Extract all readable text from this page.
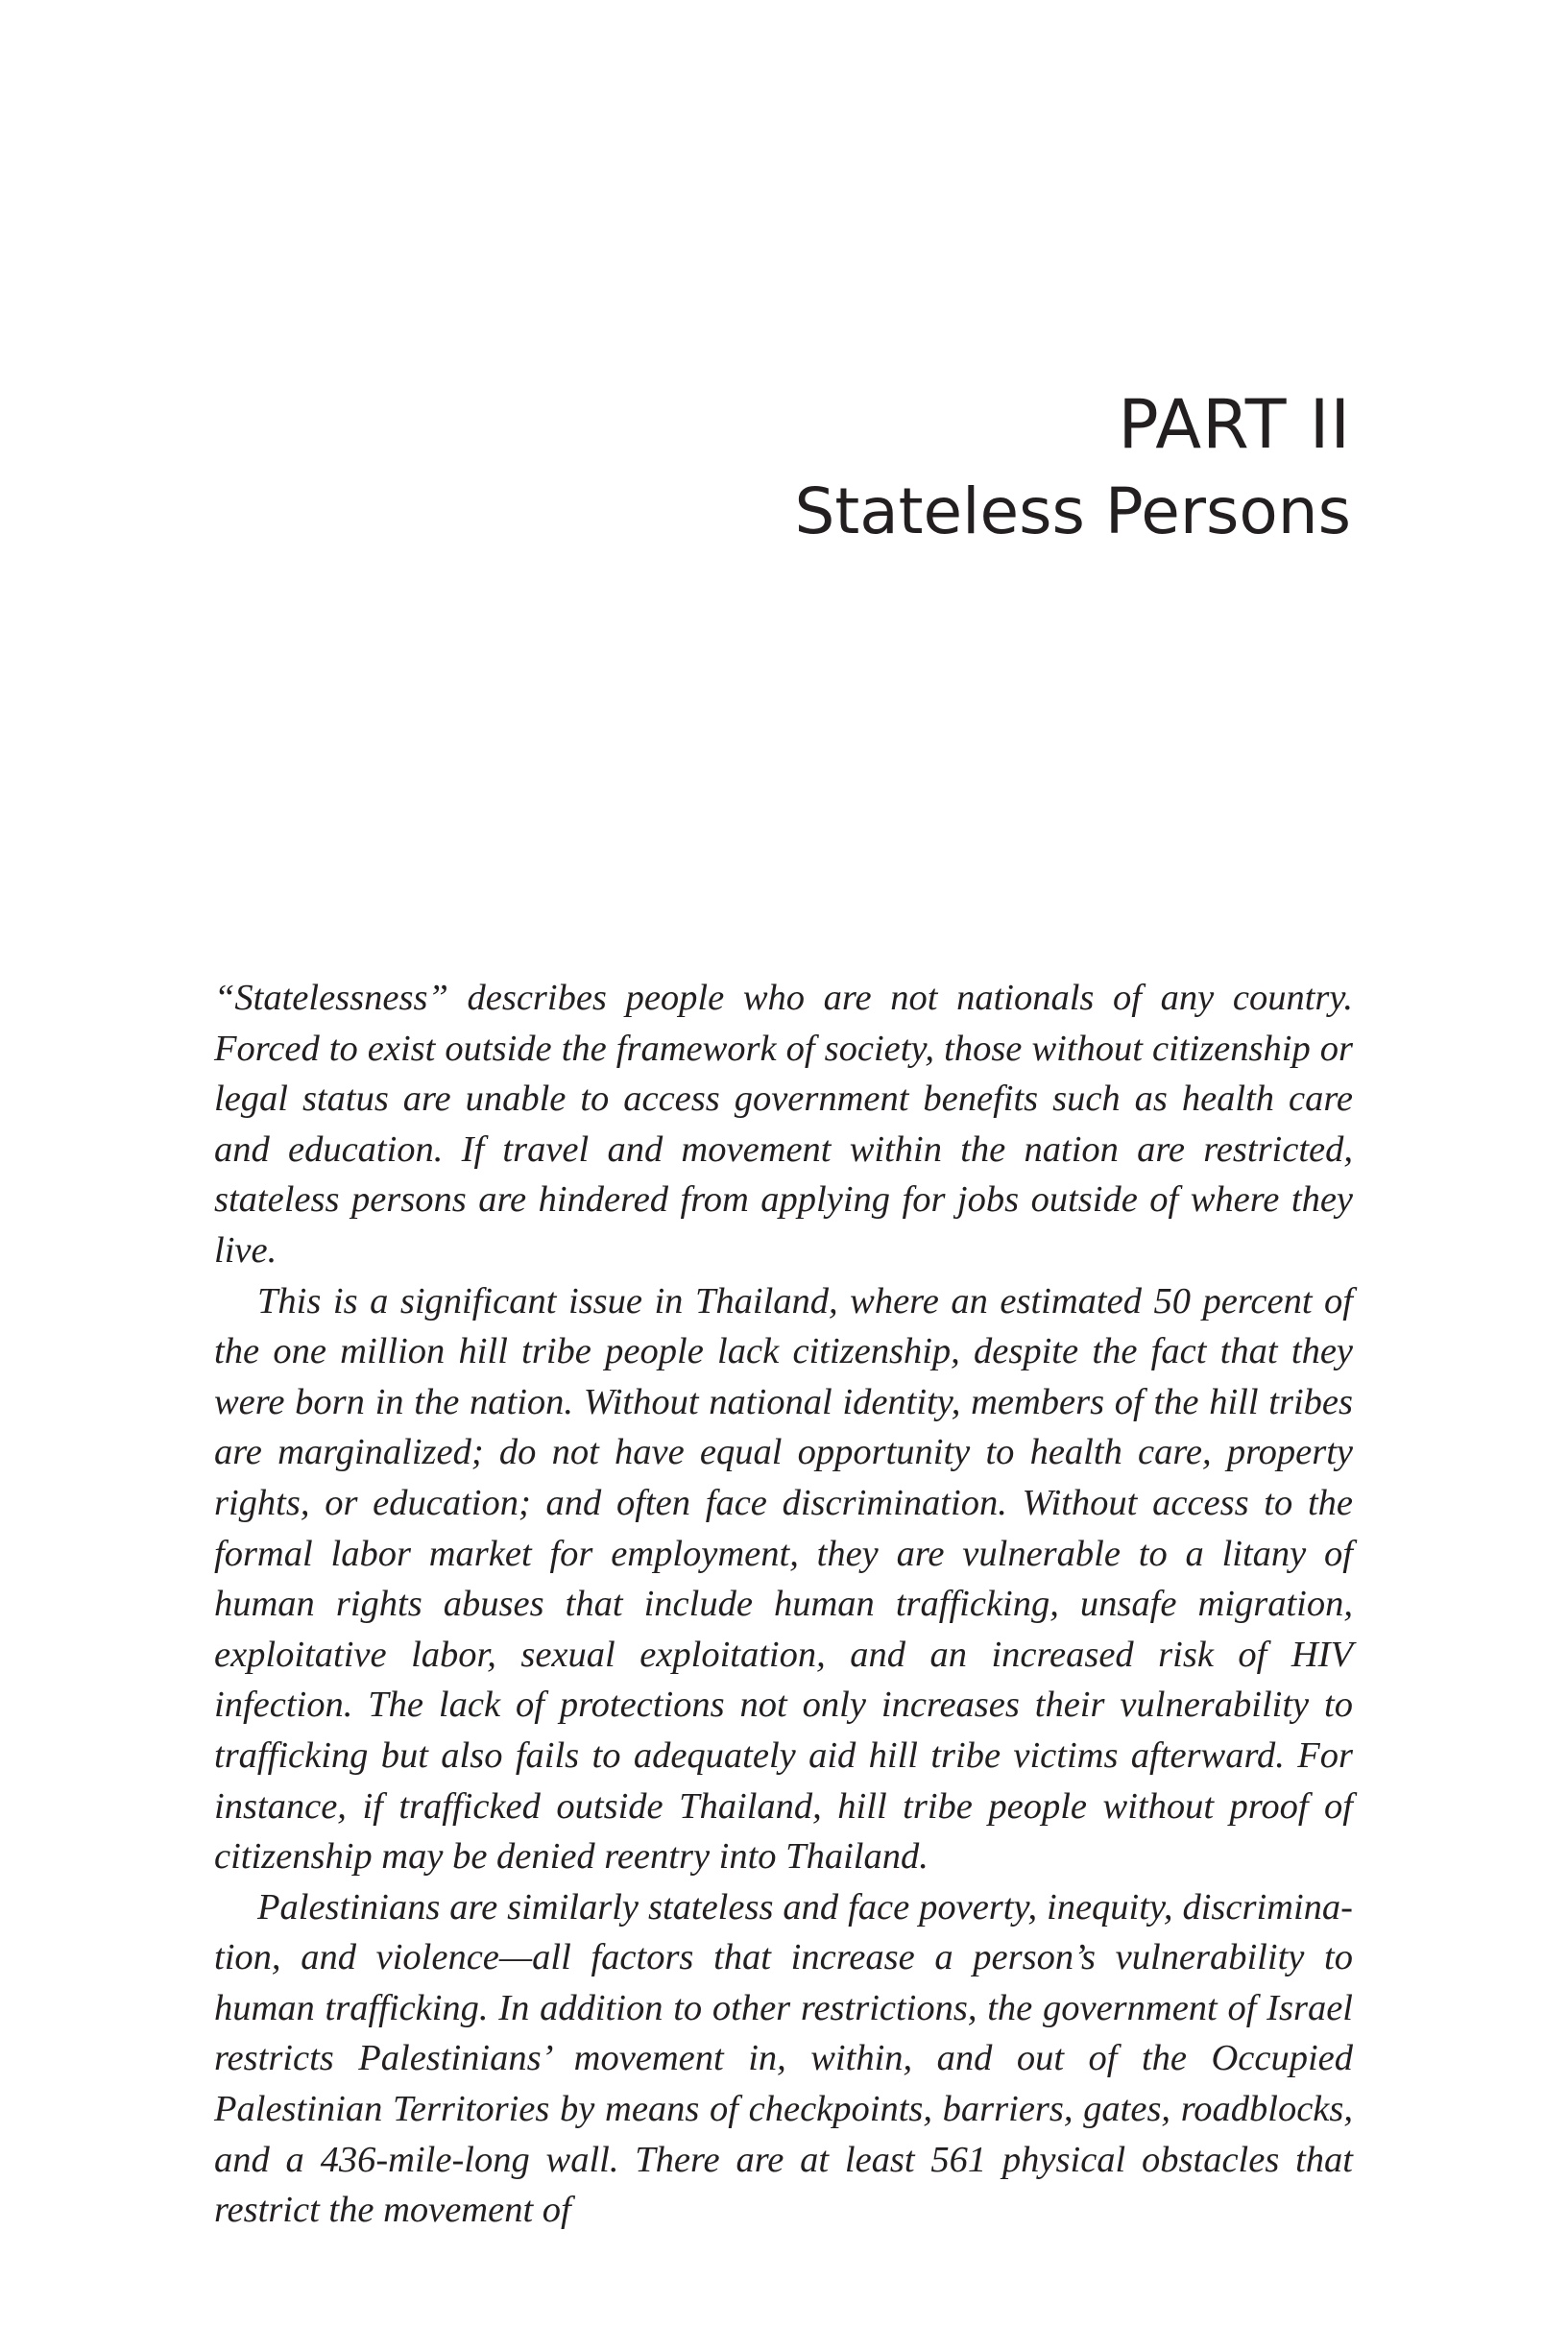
PART II
Stateless Persons

“Statelessness” describes people who are not nationals of any country. Forced to exist outside the framework of society, those without citizenship or legal status are unable to access government benefits such as health care and education. If travel and movement within the nation are restricted, stateless persons are hindered from applying for jobs outside of where they live.

This is a significant issue in Thailand, where an estimated 50 percent of the one million hill tribe people lack citizenship, despite the fact that they were born in the nation. Without national identity, members of the hill tribes are marginalized; do not have equal opportunity to health care, property rights, or education; and often face discrimination. Without access to the formal labor market for employment, they are vulnerable to a litany of human rights abuses that include human trafficking, unsafe migration, exploitative labor, sexual exploitation, and an increased risk of HIV infection. The lack of protections not only increases their vulnerability to trafficking but also fails to adequately aid hill tribe victims afterward. For instance, if trafficked outside Thailand, hill tribe people without proof of citizenship may be denied reentry into Thailand.

Palestinians are similarly stateless and face poverty, inequity, discrimination, and violence—all factors that increase a person’s vulnerability to human trafficking. In addition to other restrictions, the government of Israel restricts Palestinians’ movement in, within, and out of the Occupied Palestinian Territories by means of checkpoints, barriers, gates, roadblocks, and a 436-mile-long wall. There are at least 561 physical obstacles that restrict the movement of
